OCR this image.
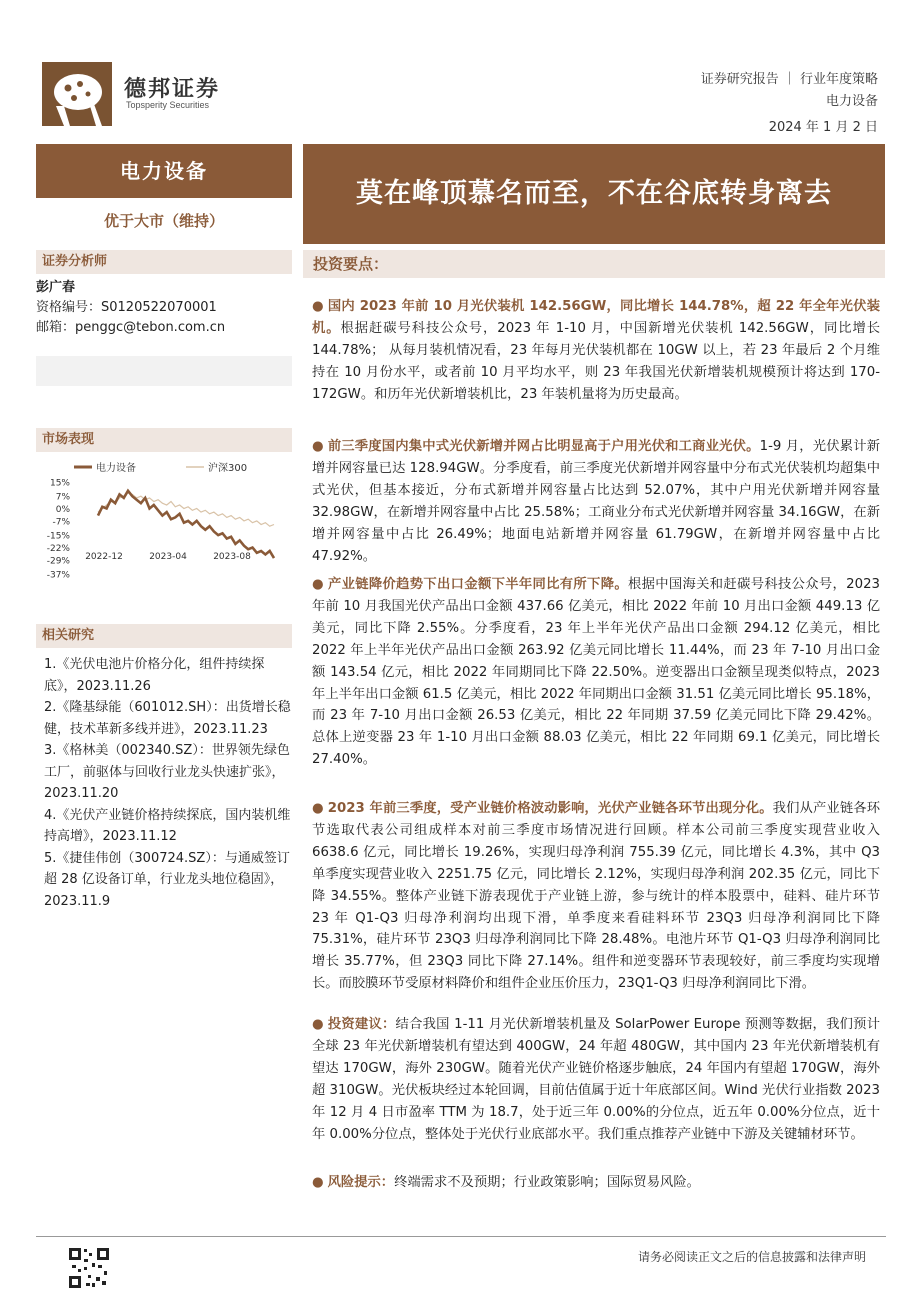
德邦证券
Topsperity Securities
证券研究报告 ｜ 行业年度策略
电力设备
2024 年 1 月 2 日
电力设备
优于大市（维持）
莫在峰顶慕名而至，不在谷底转身离去
证券分析师
彭广春
资格编号：S0120522070001
邮箱：penggc@tebon.com.cn
市场表现
电力设备	沪深300
15%
7%
0%
-7%
-15%
-22%
-29%
-37%
2022-12	2023-04	2023-08
相关研究
1.《光伏电池片价格分化，组件持续探底》，2023.11.26
2.《隆基绿能（601012.SH）：出货增长稳健，技术革新多线并进》，2023.11.23
3.《格林美（002340.SZ）：世界领先绿色工厂，前驱体与回收行业龙头快速扩张》，2023.11.20
4.《光伏产业链价格持续探底，国内装机维持高增》，2023.11.12
5.《捷佳伟创（300724.SZ）：与通威签订超 28 亿设备订单，行业龙头地位稳固》，2023.11.9
投资要点：
● 国内 2023 年前 10 月光伏装机 142.56GW，同比增长 144.78%，超 22 年全年光伏装机。根据赶碳号科技公众号，2023 年 1-10 月，中国新增光伏装机 142.56GW，同比增长 144.78%； 从每月装机情况看，23 年每月光伏装机都在 10GW 以上，若 23 年最后 2 个月维持在 10 月份水平，或者前 10 月平均水平，则 23 年我国光伏新增装机规模预计将达到 170-172GW。和历年光伏新增装机比，23 年装机量将为历史最高。
● 前三季度国内集中式光伏新增并网占比明显高于户用光伏和工商业光伏。1-9 月，光伏累计新增并网容量已达 128.94GW。分季度看，前三季度光伏新增并网容量中分布式光伏装机均超集中式光伏，但基本接近，分布式新增并网容量占比达到 52.07%，其中户用光伏新增并网容量 32.98GW，在新增并网容量中占比 25.58%；工商业分布式光伏新增并网容量 34.16GW，在新增并网容量中占比 26.49%；地面电站新增并网容量 61.79GW，在新增并网容量中占比 47.92%。
● 产业链降价趋势下出口金额下半年同比有所下降。根据中国海关和赶碳号科技公众号，2023 年前 10 月我国光伏产品出口金额 437.66 亿美元，相比 2022 年前 10 月出口金额 449.13 亿美元，同比下降 2.55%。分季度看，23 年上半年光伏产品出口金额 294.12 亿美元，相比 2022 年上半年光伏产品出口金额 263.92 亿美元同比增长 11.44%，而 23 年 7-10 月出口金额 143.54 亿元，相比 2022 年同期同比下降 22.50%。逆变器出口金额呈现类似特点，2023 年上半年出口金额 61.5 亿美元，相比 2022 年同期出口金额 31.51 亿美元同比增长 95.18%，而 23 年 7-10 月出口金额 26.53 亿美元，相比 22 年同期 37.59 亿美元同比下降 29.42%。总体上逆变器 23 年 1-10 月出口金额 88.03 亿美元，相比 22 年同期 69.1 亿美元，同比增长 27.40%。
● 2023 年前三季度，受产业链价格波动影响，光伏产业链各环节出现分化。我们从产业链各环节选取代表公司组成样本对前三季度市场情况进行回顾。样本公司前三季度实现营业收入 6638.6 亿元，同比增长 19.26%，实现归母净利润 755.39 亿元，同比增长 4.3%，其中 Q3 单季度实现营业收入 2251.75 亿元，同比增长 2.12%，实现归母净利润 202.35 亿元，同比下降 34.55%。整体产业链下游表现优于产业链上游，参与统计的样本股票中，硅料、硅片环节 23 年 Q1-Q3 归母净利润均出现下滑，单季度来看硅料环节 23Q3 归母净利润同比下降 75.31%，硅片环节 23Q3 归母净利润同比下降 28.48%。电池片环节 Q1-Q3 归母净利润同比增长 35.77%，但 23Q3 同比下降 27.14%。组件和逆变器环节表现较好，前三季度均实现增长。而胶膜环节受原材料降价和组件企业压价压力，23Q1-Q3 归母净利润同比下滑。
● 投资建议：结合我国 1-11 月光伏新增装机量及 SolarPower Europe 预测等数据，我们预计全球 23 年光伏新增装机有望达到 400GW，24 年超 480GW，其中国内 23 年光伏新增装机有望达 170GW，海外 230GW。随着光伏产业链价格逐步触底，24 年国内有望超 170GW，海外超 310GW。光伏板块经过本轮回调，目前估值属于近十年底部区间。Wind 光伏行业指数 2023 年 12 月 4 日市盈率 TTM 为 18.7，处于近三年 0.00%的分位点，近五年 0.00%分位点，近十年 0.00%分位点，整体处于光伏行业底部水平。我们重点推荐产业链中下游及关键辅材环节。
● 风险提示：终端需求不及预期；行业政策影响；国际贸易风险。
请务必阅读正文之后的信息披露和法律声明
